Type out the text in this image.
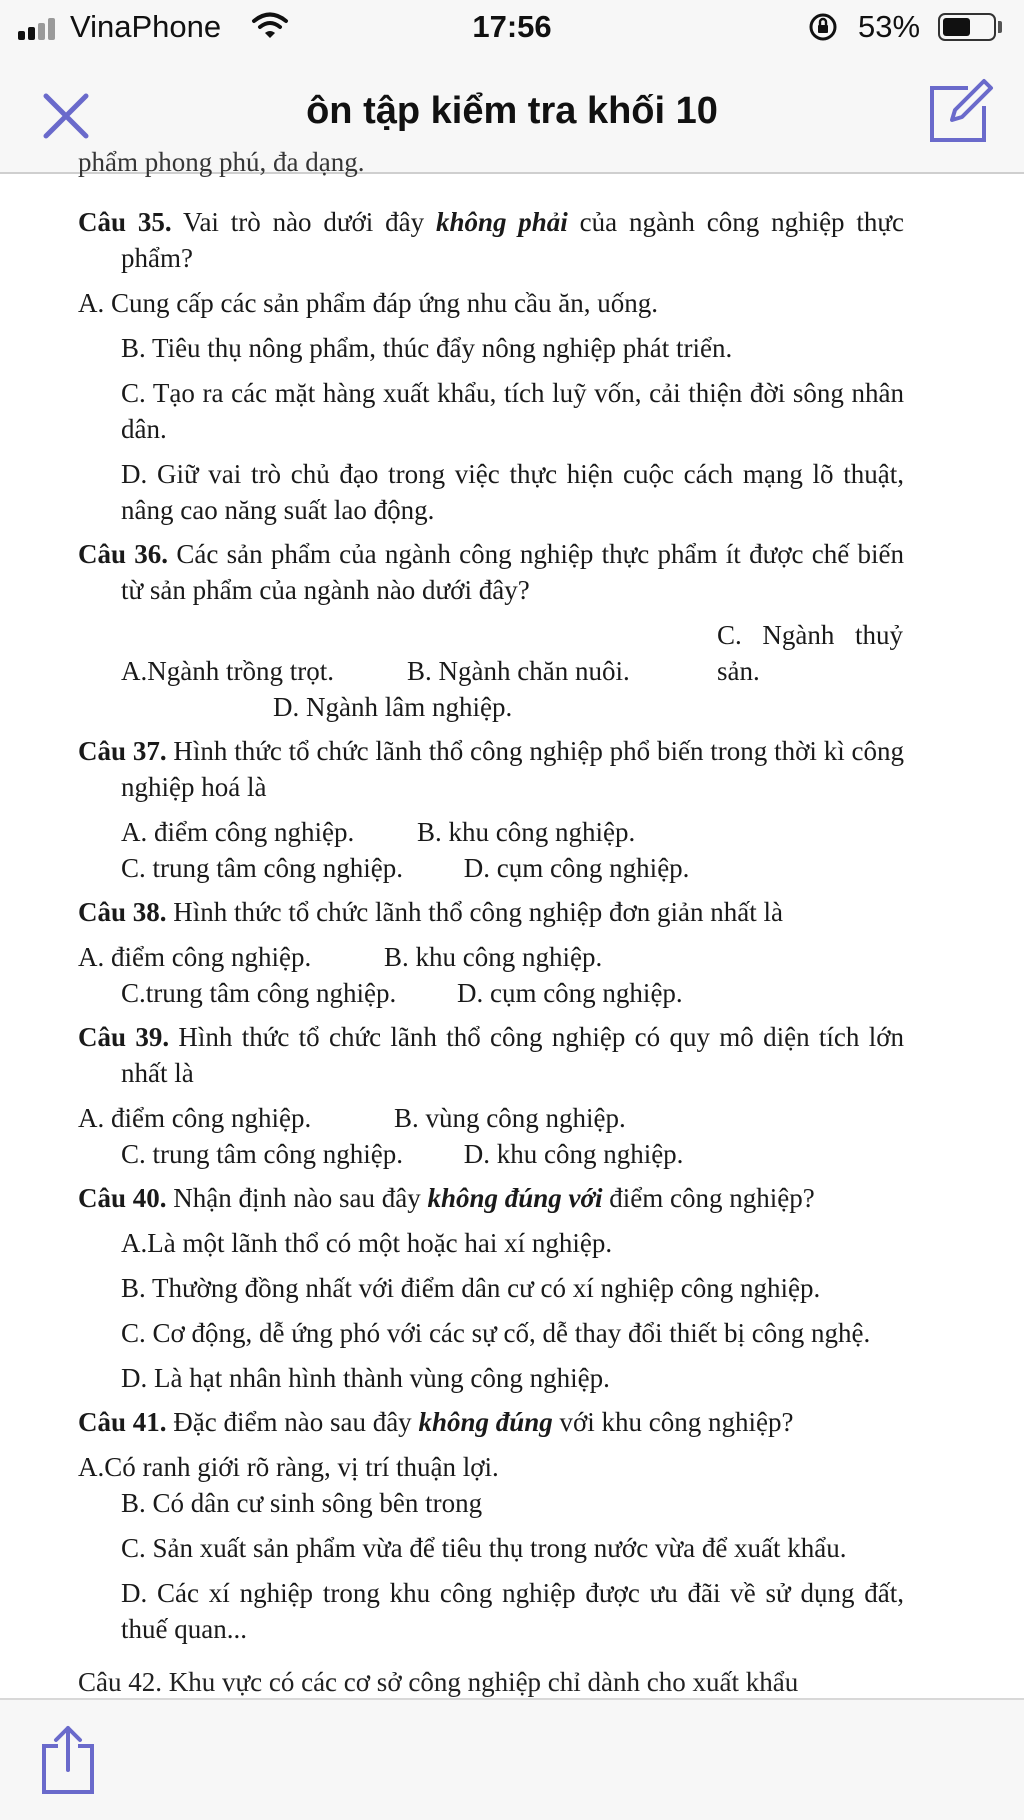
VinaPhone	17:56	53%
ôn tập kiểm tra khối 10
phẩm phong phú, đa dạng.
Câu 35. Vai trò nào dưới đây không phải của ngành công nghiệp thực phẩm?
A. Cung cấp các sản phẩm đáp ứng nhu cầu ăn, uống.
B. Tiêu thụ nông phẩm, thúc đẩy nông nghiệp phát triển.
C. Tạo ra các mặt hàng xuất khẩu, tích luỹ vốn, cải thiện đời sông nhân dân.
D. Giữ vai trò chủ đạo trong việc thực hiện cuộc cách mạng lõ thuật, nâng cao năng suất lao động.
Câu 36. Các sản phẩm của ngành công nghiệp thực phẩm ít được chế biến từ sản phẩm của ngành nào dưới đây?
A.Ngành trồng trọt.	B. Ngành chăn nuôi.C. Ngành thuỷ sản. D. Ngành lâm nghiệp.
Câu 37. Hình thức tổ chức lãnh thổ công nghiệp phổ biến trong thời kì công nghiệp hoá là
A. điểm công nghiệp. B. khu công nghiệp.C. trung tâm công nghiệp. D. cụm công nghiệp.
Câu 38. Hình thức tổ chức lãnh thổ công nghiệp đơn giản nhất là
A. điểm công nghiệp.	B. khu công nghiệp.C.trung tâm công nghiệp. D. cụm công nghiệp.
Câu 39. Hình thức tổ chức lãnh thổ công nghiệp có quy mô diện tích lớn nhất là
A. điểm công nghiệp.	B. vùng công nghiệp.C. trung tâm công nghiệp. D. khu công nghiệp.
Câu 40. Nhận định nào sau đây không đúng với điểm công nghiệp?
A.Là một lãnh thổ có một hoặc hai xí nghiệp.
B. Thường đồng nhất với điểm dân cư có xí nghiệp công nghiệp.
C. Cơ động, dễ ứng phó với các sự cố, dễ thay đổi thiết bị công nghệ.
D. Là hạt nhân hình thành vùng công nghiệp.
Câu 41. Đặc điểm nào sau đây không đúng với khu công nghiệp?
A.Có ranh giới rõ ràng, vị trí thuận lợi.B. Có dân cư sinh sông bên trong
C. Sản xuất sản phẩm vừa để tiêu thụ trong nước vừa để xuất khẩu.
D. Các xí nghiệp trong khu công nghiệp được ưu đãi về sử dụng đất, thuế quan...
Câu 42. Khu vực có các cơ sở công nghiệp chỉ dành cho xuất khẩu
